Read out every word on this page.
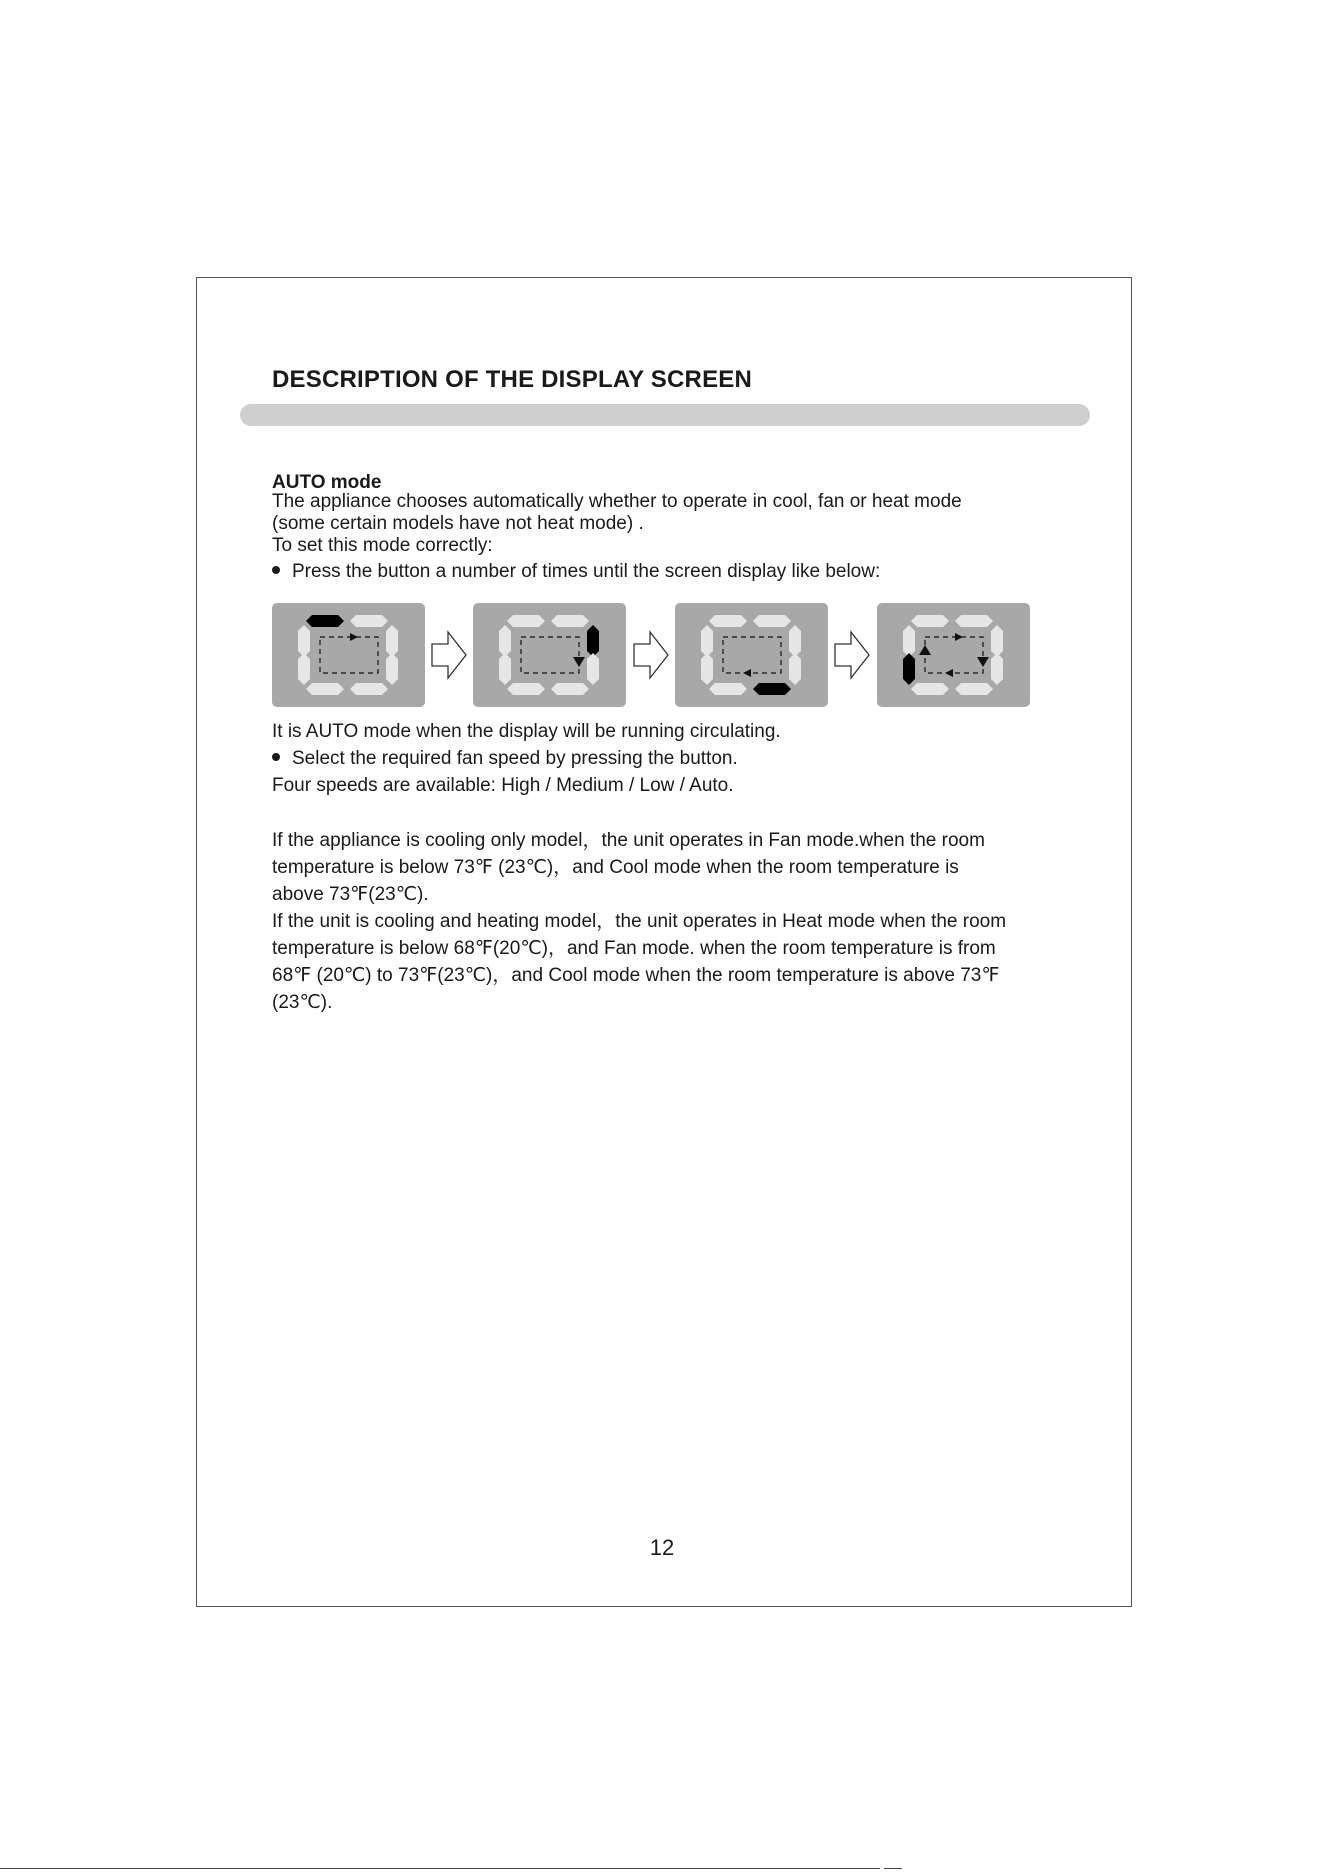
DESCRIPTION OF THE DISPLAY SCREEN
AUTO mode
The appliance chooses automatically whether to operate in cool, fan or heat mode
(some certain models have not heat mode) .
To set this mode correctly:
Press the button a number of times until the screen display like below:
It is AUTO mode when the display will be running circulating.
Select the required fan speed by pressing the button.
Four speeds are available: High / Medium / Low / Auto.
If the appliance is cooling only model，the unit operates in Fan mode.when the room
temperature is below 73℉ (23℃)，and Cool mode when the room temperature is
above 73℉(23℃).
If the unit is cooling and heating model，the unit operates in Heat mode when the room
temperature is below 68℉(20℃)，and Fan mode. when the room temperature is from
68℉ (20℃) to 73℉(23℃)，and Cool mode when the room temperature is above 73℉
(23℃).
12
